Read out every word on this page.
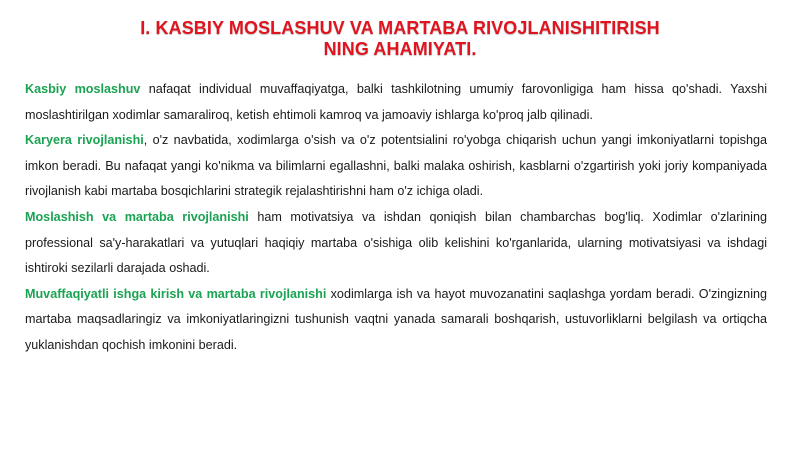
I. KASBIY MOSLASHUV VA MARTABA RIVOJLANISHITIRISH
NING AHAMIYATI.

Kasbiy moslashuv nafaqat individual muvaffaqiyatga, balki tashkilotning umumiy farovonligiga ham hissa qo'shadi. Yaxshi moslashtirilgan xodimlar samaraliroq, ketish ehtimoli kamroq va jamoaviy ishlarga ko'proq jalb qilinadi.

Karyera rivojlanishi, o'z navbatida, xodimlarga o'sish va o'z potentsialini ro'yobga chiqarish uchun yangi imkoniyatlarni topishga imkon beradi. Bu nafaqat yangi ko'nikma va bilimlarni egallashni, balki malaka oshirish, kasblarni o'zgartirish yoki joriy kompaniyada rivojlanish kabi martaba bosqichlarini strategik rejalashtirishni ham o'z ichiga oladi.

Moslashish va martaba rivojlanishi ham motivatsiya va ishdan qoniqish bilan chambarchas bog'liq. Xodimlar o'zlarining professional sa'y-harakatlari va yutuqlari haqiqiy martaba o'sishiga olib kelishini ko'rganlarida, ularning motivatsiyasi va ishdagi ishtiroki sezilarli darajada oshadi.

Muvaffaqiyatli ishga kirish va martaba rivojlanishi xodimlarga ish va hayot muvozanatini saqlashga yordam beradi. O'zingizning martaba maqsadlaringiz va imkoniyatlaringizni tushunish vaqtni yanada samarali boshqarish, ustuvorliklarni belgilash va ortiqcha yuklanishdan qochish imkonini beradi.
